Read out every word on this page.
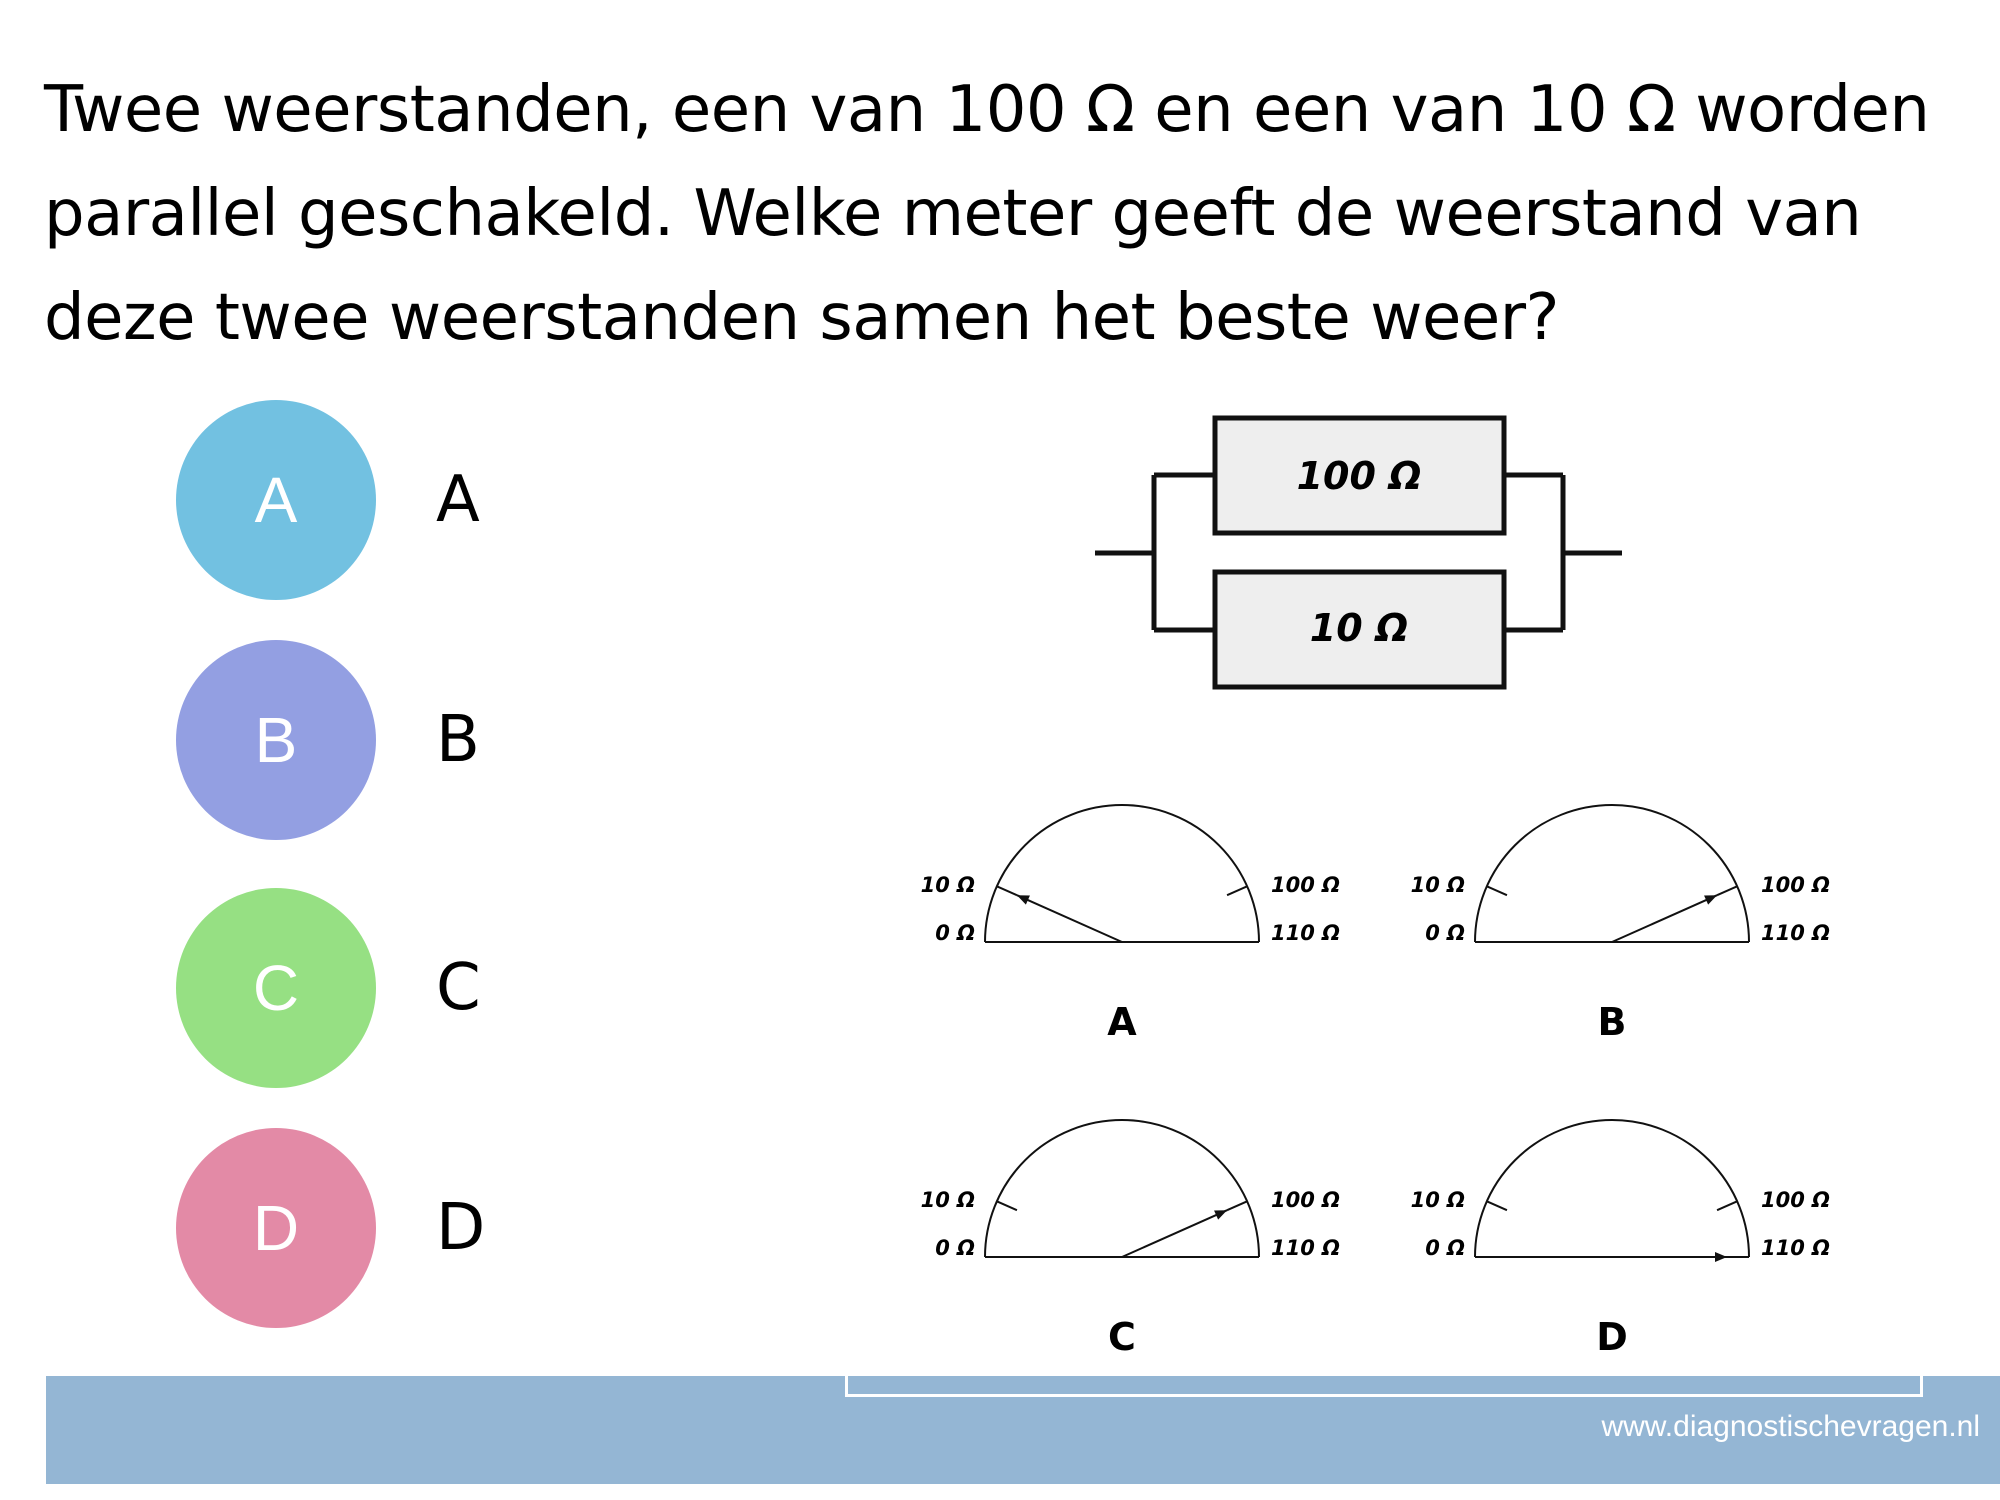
Twee weerstanden, een van 100 Ω en een van 10 Ω worden parallel geschakeld. Welke meter geeft de weerstand van deze twee weerstanden samen het beste weer?

A	A
B	B
C	C
D	D
100 Ω
10 Ω
10 Ω
0 Ω
100 Ω
110 Ω
A
10 Ω
0 Ω
100 Ω
110 Ω
B
10 Ω
0 Ω
100 Ω
110 Ω
C
10 Ω
0 Ω
100 Ω
110 Ω
D
www.diagnostischevragen.nl
